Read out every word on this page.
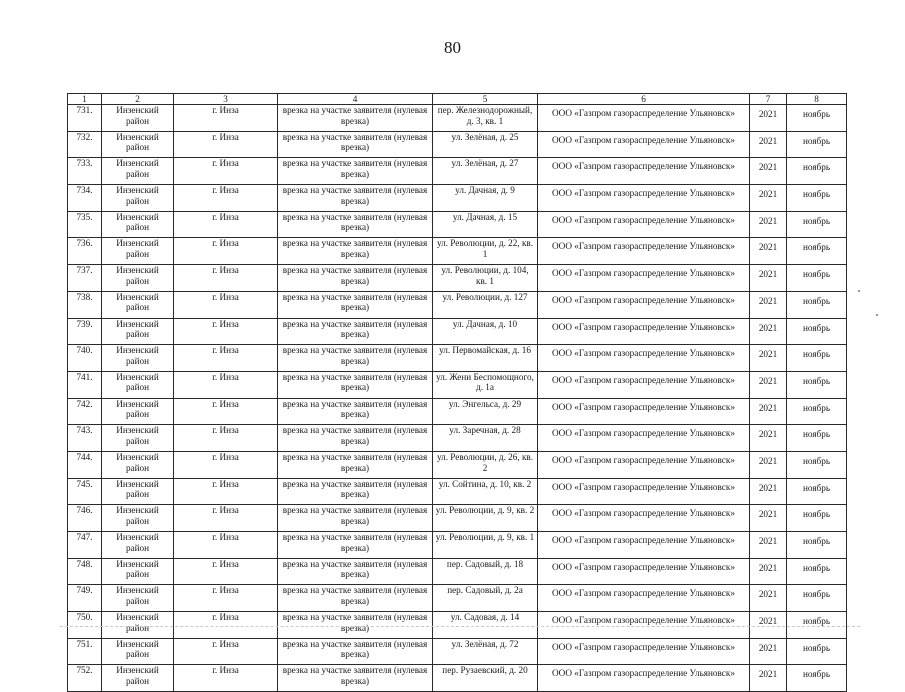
80
1	2	3	4	5	6	7	8
731.	Инзенский район	г. Инза	врезка на участке заявителя (нулевая врезка)	пер. Железнодорожный, д. 3, кв. 1	ООО «Газпром газораспределение Ульяновск»	2021	ноябрь
732.	Инзенский район	г. Инза	врезка на участке заявителя (нулевая врезка)	ул. Зелёная, д. 25	ООО «Газпром газораспределение Ульяновск»	2021	ноябрь
733.	Инзенский район	г. Инза	врезка на участке заявителя (нулевая врезка)	ул. Зелёная, д. 27	ООО «Газпром газораспределение Ульяновск»	2021	ноябрь
734.	Инзенский район	г. Инза	врезка на участке заявителя (нулевая врезка)	ул. Дачная, д. 9	ООО «Газпром газораспределение Ульяновск»	2021	ноябрь
735.	Инзенский район	г. Инза	врезка на участке заявителя (нулевая врезка)	ул. Дачная, д. 15	ООО «Газпром газораспределение Ульяновск»	2021	ноябрь
736.	Инзенский район	г. Инза	врезка на участке заявителя (нулевая врезка)	ул. Революции, д. 22, кв. 1	ООО «Газпром газораспределение Ульяновск»	2021	ноябрь
737.	Инзенский район	г. Инза	врезка на участке заявителя (нулевая врезка)	ул. Революции, д. 104, кв. 1	ООО «Газпром газораспределение Ульяновск»	2021	ноябрь
738.	Инзенский район	г. Инза	врезка на участке заявителя (нулевая врезка)	ул. Революции, д. 127	ООО «Газпром газораспределение Ульяновск»	2021	ноябрь
739.	Инзенский район	г. Инза	врезка на участке заявителя (нулевая врезка)	ул. Дачная, д. 10	ООО «Газпром газораспределение Ульяновск»	2021	ноябрь
740.	Инзенский район	г. Инза	врезка на участке заявителя (нулевая врезка)	ул. Первомайская, д. 16	ООО «Газпром газораспределение Ульяновск»	2021	ноябрь
741.	Инзенский район	г. Инза	врезка на участке заявителя (нулевая врезка)	ул. Жени Беспомощного, д. 1а	ООО «Газпром газораспределение Ульяновск»	2021	ноябрь
742.	Инзенский район	г. Инза	врезка на участке заявителя (нулевая врезка)	ул. Энгельса, д. 29	ООО «Газпром газораспределение Ульяновск»	2021	ноябрь
743.	Инзенский район	г. Инза	врезка на участке заявителя (нулевая врезка)	ул. Заречная, д. 28	ООО «Газпром газораспределение Ульяновск»	2021	ноябрь
744.	Инзенский район	г. Инза	врезка на участке заявителя (нулевая врезка)	ул. Революции, д. 26, кв. 2	ООО «Газпром газораспределение Ульяновск»	2021	ноябрь
745.	Инзенский район	г. Инза	врезка на участке заявителя (нулевая врезка)	ул. Сойтина, д. 10, кв. 2	ООО «Газпром газораспределение Ульяновск»	2021	ноябрь
746.	Инзенский район	г. Инза	врезка на участке заявителя (нулевая врезка)	ул. Революции, д. 9, кв. 2	ООО «Газпром газораспределение Ульяновск»	2021	ноябрь
747.	Инзенский район	г. Инза	врезка на участке заявителя (нулевая врезка)	ул. Революции, д. 9, кв. 1	ООО «Газпром газораспределение Ульяновск»	2021	ноябрь
748.	Инзенский район	г. Инза	врезка на участке заявителя (нулевая врезка)	пер. Садовый, д. 18	ООО «Газпром газораспределение Ульяновск»	2021	ноябрь
749.	Инзенский район	г. Инза	врезка на участке заявителя (нулевая врезка)	пер. Садовый, д. 2а	ООО «Газпром газораспределение Ульяновск»	2021	ноябрь
750.	Инзенский район	г. Инза	врезка на участке заявителя (нулевая врезка)	ул. Садовая, д. 14	ООО «Газпром газораспределение Ульяновск»	2021	ноябрь
751.	Инзенский район	г. Инза	врезка на участке заявителя (нулевая врезка)	ул. Зелёная, д. 72	ООО «Газпром газораспределение Ульяновск»	2021	ноябрь
752.	Инзенский район	г. Инза	врезка на участке заявителя (нулевая врезка)	пер. Рузаевский, д. 20	ООО «Газпром газораспределение Ульяновск»	2021	ноябрь
